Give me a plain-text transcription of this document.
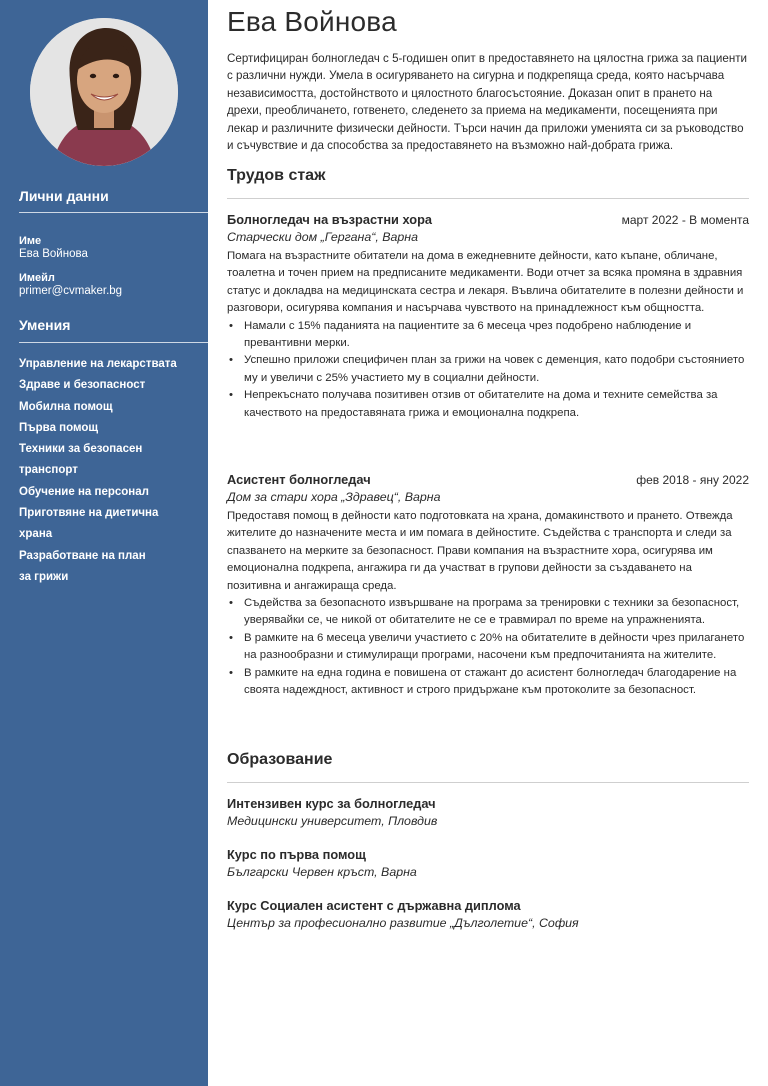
Лични данни
Име
Ева Войнова
Имейл
primer@cvmaker.bg
Умения
Управление на лекарствата
Здраве и безопасност
Мобилна помощ
Първа помощ
Техники за безопасен транспорт
Обучение на персонал
Приготвяне на диетична храна
Разработване на план за грижи
Ева Войнова

Сертифициран болногледач с 5-годишен опит в предоставянето на цялостна грижа за пациенти с различни нужди. Умела в осигуряването на сигурна и подкрепяща среда, която насърчава независимостта, достойнството и цялостното благосъстояние. Доказан опит в прането на дрехи, преобличането, готвенето, следенето за приема на медикаменти, посещенията при лекар и различните физически дейности. Търси начин да приложи уменията си за ръководство и съчувствие и да способства за предоставянето на възможно най-добрата грижа.

Трудов стаж
Болногледач на възрастни хора	март 2022 - В момента
Старчески дом „Гергана“, Варна

Помага на възрастните обитатели на дома в ежедневните дейности, като къпане, обличане, тоалетна и точен прием на предписаните медикаменти. Води отчет за всяка промяна в здравния статус и докладва на медицинската сестра и лекаря. Въвлича обитателите в полезни дейности и разговори, осигурява компания и насърчава чувството на принадлежност към общността.

• Намали с 15% паданията на пациентите за 6 месеца чрез подобрено наблюдение и превантивни мерки.
• Успешно приложи специфичен план за грижи на човек с деменция, като подобри състоянието му и увеличи с 25% участието му в социални дейности.
• Непрекъснато получава позитивен отзив от обитателите на дома и техните семейства за качеството на предоставяната грижа и емоционална подкрепа.
Асистент болногледач	фев 2018 - яну 2022
Дом за стари хора „Здравец“, Варна

Предоставя помощ в дейности като подготовката на храна, домакинството и прането. Отвежда жителите до назначените места и им помага в дейностите. Съдейства с транспорта и следи за спазването на мерките за безопасност. Прави компания на възрастните хора, осигурява им емоционална подкрепа, ангажира ги да участват в групови дейности за създаването на позитивна и ангажираща среда.

• Съдейства за безопасното извършване на програма за тренировки с техники за безопасност, уверявайки се, че никой от обитателите не се е травмирал по време на упражненията.
• В рамките на 6 месеца увеличи участието с 20% на обитателите в дейности чрез прилагането на разнообразни и стимулиращи програми, насочени към предпочитанията на жителите.
• В рамките на една година е повишена от стажант до асистент болногледач благодарение на своята надеждност, активност и строго придържане към протоколите за безопасност.
Образование
Интензивен курс за болногледач
Медицински университет, Пловдив
Курс по първа помощ
Български Червен кръст, Варна
Курс Социален асистент с държавна диплома
Център за професионално развитие „Дълголетие“, София
